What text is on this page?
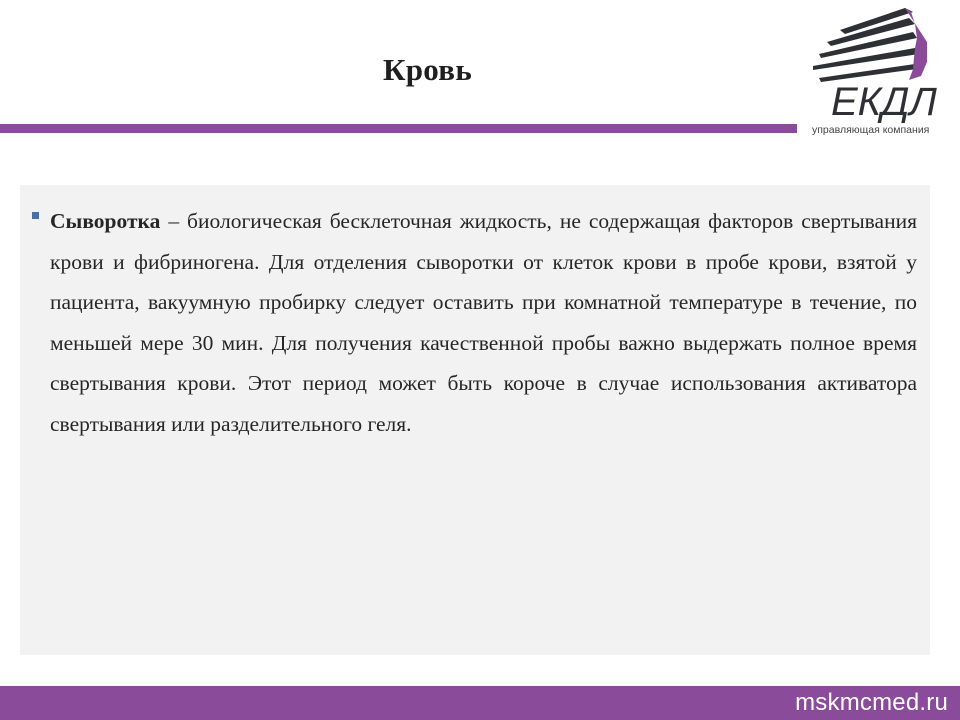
Кровь
ЕКДЛ
управляющая компания

Сыворотка – биологическая бесклеточная жидкость, не содержащая факторов свертывания крови и фибриногена. Для отделения сыворотки от клеток крови в пробе крови, взятой у пациента, вакуумную пробирку следует оставить при комнатной температуре в течение, по меньшей мере 30 мин. Для получения качественной пробы важно выдержать полное время свертывания крови. Этот период может быть короче в случае использования активатора свертывания или разделительного геля.

mskmcmed.ru
